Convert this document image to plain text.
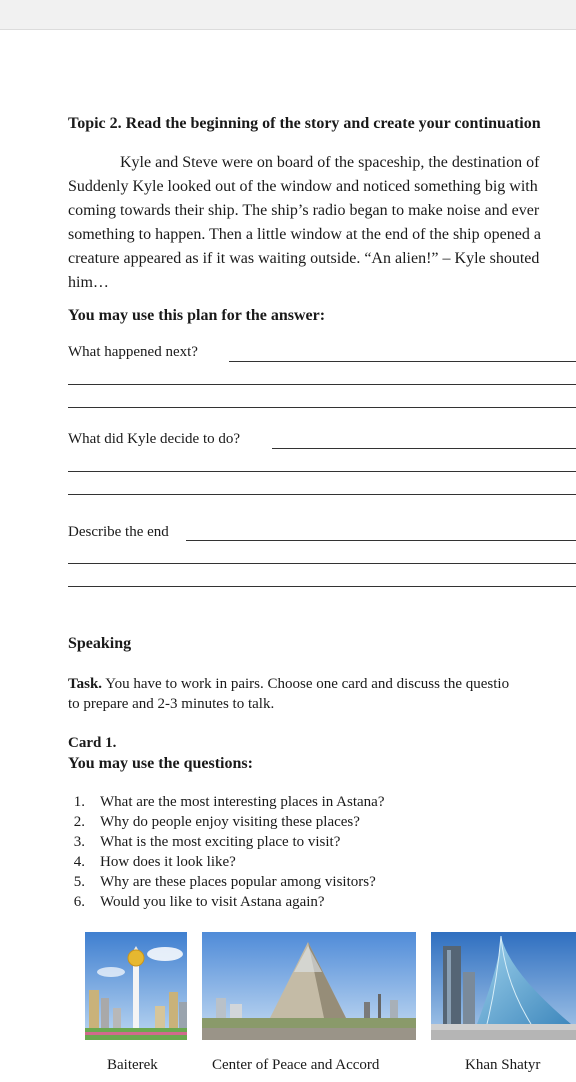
Topic 2. Read the beginning of the story and create your continuation
Kyle and Steve were on board of the spaceship, the destination of
Suddenly Kyle looked out of the window and noticed something big with
coming towards their ship. The ship’s radio began to make noise and ever
something to happen. Then a little window at the end of the ship opened a
creature appeared as if it was waiting outside. “An alien!” – Kyle shouted
him…
You may use this plan for the answer:
What happened next?
What did Kyle decide to do?
Describe the end
Speaking
Task. You have to work in pairs. Choose one card and discuss the questio
to prepare and 2-3 minutes to talk.
Card 1.
You may use the questions:
1. What are the most interesting places in Astana?
2. Why do people enjoy visiting these places?
3. What is the most exciting place to visit?
4. How does it look like?
5. Why are these places popular among visitors?
6. Would you like to visit Astana again?
Baiterek	Center of Peace and Accord	Khan Shatyr
